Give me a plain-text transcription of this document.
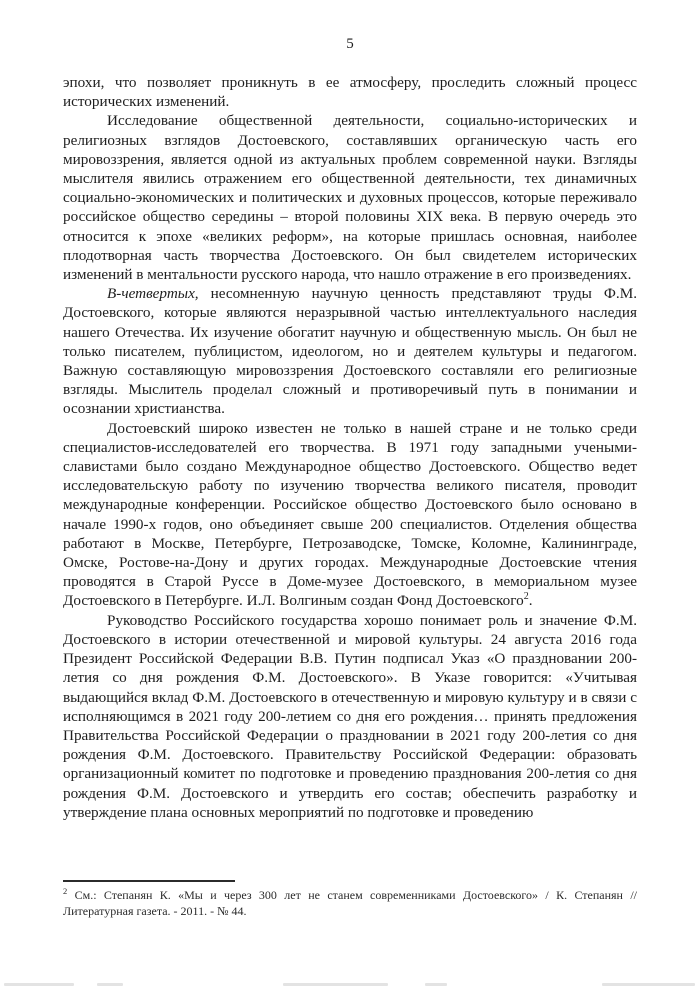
5

эпохи, что позволяет проникнуть в ее атмосферу, проследить сложный процесс исторических изменений.

Исследование общественной деятельности, социально-исторических и религиозных взглядов Достоевского, составлявших органическую часть его мировоззрения, является одной из актуальных проблем современной науки. Взгляды мыслителя явились отражением его общественной деятельности, тех динамичных социально-экономических и политических и духовных процессов, которые переживало российское общество середины – второй половины XIX века. В первую очередь это относится к эпохе «великих реформ», на которые пришлась основная, наиболее плодотворная часть творчества Достоевского. Он был свидетелем исторических изменений в ментальности русского народа, что нашло отражение в его произведениях.

В-четвертых, несомненную научную ценность представляют труды Ф.М. Достоевского, которые являются неразрывной частью интеллектуального наследия нашего Отечества. Их изучение обогатит научную и общественную мысль. Он был не только писателем, публицистом, идеологом, но и деятелем культуры и педагогом. Важную составляющую мировоззрения Достоевского составляли его религиозные взгляды. Мыслитель проделал сложный и противоречивый путь в понимании и осознании христианства.

Достоевский широко известен не только в нашей стране и не только среди специалистов-исследователей его творчества. В 1971 году западными учеными-славистами было создано Международное общество Достоевского. Общество ведет исследовательскую работу по изучению творчества великого писателя, проводит международные конференции. Российское общество Достоевского было основано в начале 1990-х годов, оно объединяет свыше 200 специалистов. Отделения общества работают в Москве, Петербурге, Петрозаводске, Томске, Коломне, Калининграде, Омске, Ростове-на-Дону и других городах. Международные Достоевские чтения проводятся в Старой Руссе в Доме-музее Достоевского, в мемориальном музее Достоевского в Петербурге. И.Л. Волгиным создан Фонд Достоевского$^2$.

Руководство Российского государства хорошо понимает роль и значение Ф.М. Достоевского в истории отечественной и мировой культуры. 24 августа 2016 года Президент Российской Федерации В.В. Путин подписал Указ «О праздновании 200-летия со дня рождения Ф.М. Достоевского». В Указе говорится: «Учитывая выдающийся вклад Ф.М. Достоевского в отечественную и мировую культуру и в связи с исполняющимся в 2021 году 200-летием со дня его рождения… принять предложения Правительства Российской Федерации о праздновании в 2021 году 200-летия со дня рождения Ф.М. Достоевского. Правительству Российской Федерации: образовать организационный комитет по подготовке и проведению празднования 200-летия со дня рождения Ф.М. Достоевского и утвердить его состав; обеспечить разработку и утверждение плана основных мероприятий по подготовке и проведению

$^2$ См.: Степанян К. «Мы и через 300 лет не станем современниками Достоевского» / К. Степанян // Литературная газета. - 2011. - № 44.
